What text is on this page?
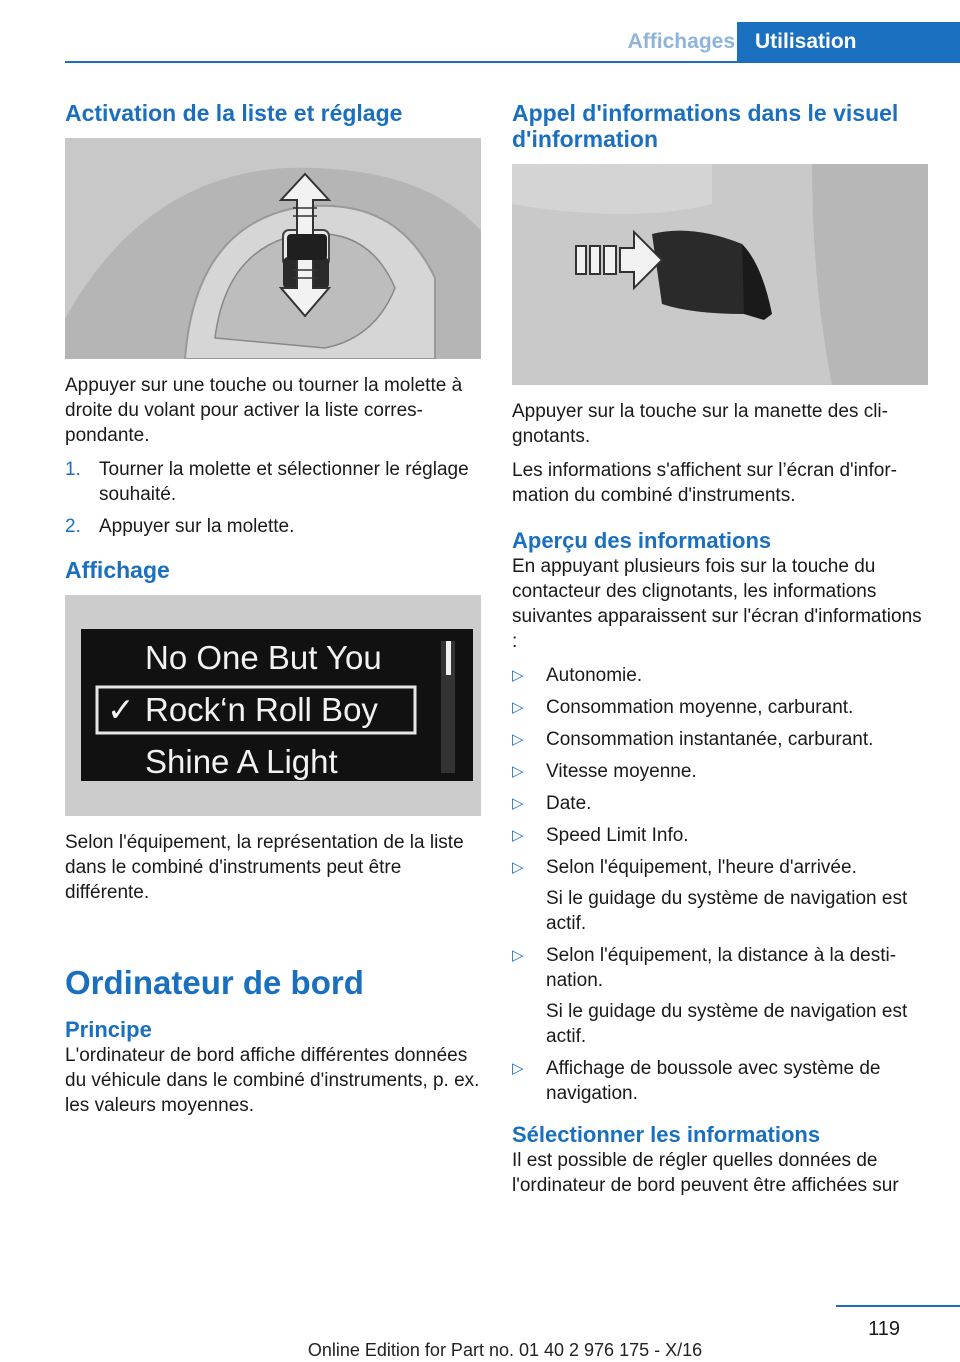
Affichages Utilisation
Activation de la liste et réglage

Appuyer sur une touche ou tourner la molette à droite du volant pour activer la liste correspondante.

1. Tourner la molette et sélectionner le réglage souhaité.
2. Appuyer sur la molette.
Affichage
No One But You
✓ Rock‘n Roll Boy
Shine A Light

Selon l'équipement, la représentation de la liste dans le combiné d'instruments peut être différente.

Ordinateur de bord
Principe

L'ordinateur de bord affiche différentes données du véhicule dans le combiné d'instruments, p. ex. les valeurs moyennes.

Appel d'informations dans le visuel d'information

Appuyer sur la touche sur la manette des clignotants.

Les informations s'affichent sur l’écran d'information du combiné d'instruments.

Aperçu des informations

En appuyant plusieurs fois sur la touche du contacteur des clignotants, les informations suivantes apparaissent sur l'écran d'informations :

▷ Autonomie.
▷ Consommation moyenne, carburant.
▷ Consommation instantanée, carburant.
▷ Vitesse moyenne.
▷ Date.
▷ Speed Limit Info.
▷ Selon l'équipement, l'heure d'arrivée.
Si le guidage du système de navigation est actif.
▷ Selon l'équipement, la distance à la destination.
Si le guidage du système de navigation est actif.
▷ Affichage de boussole avec système de navigation.
Sélectionner les informations

Il est possible de régler quelles données de l'ordinateur de bord peuvent être affichées sur

119
Online Edition for Part no. 01 40 2 976 175 - X/16
